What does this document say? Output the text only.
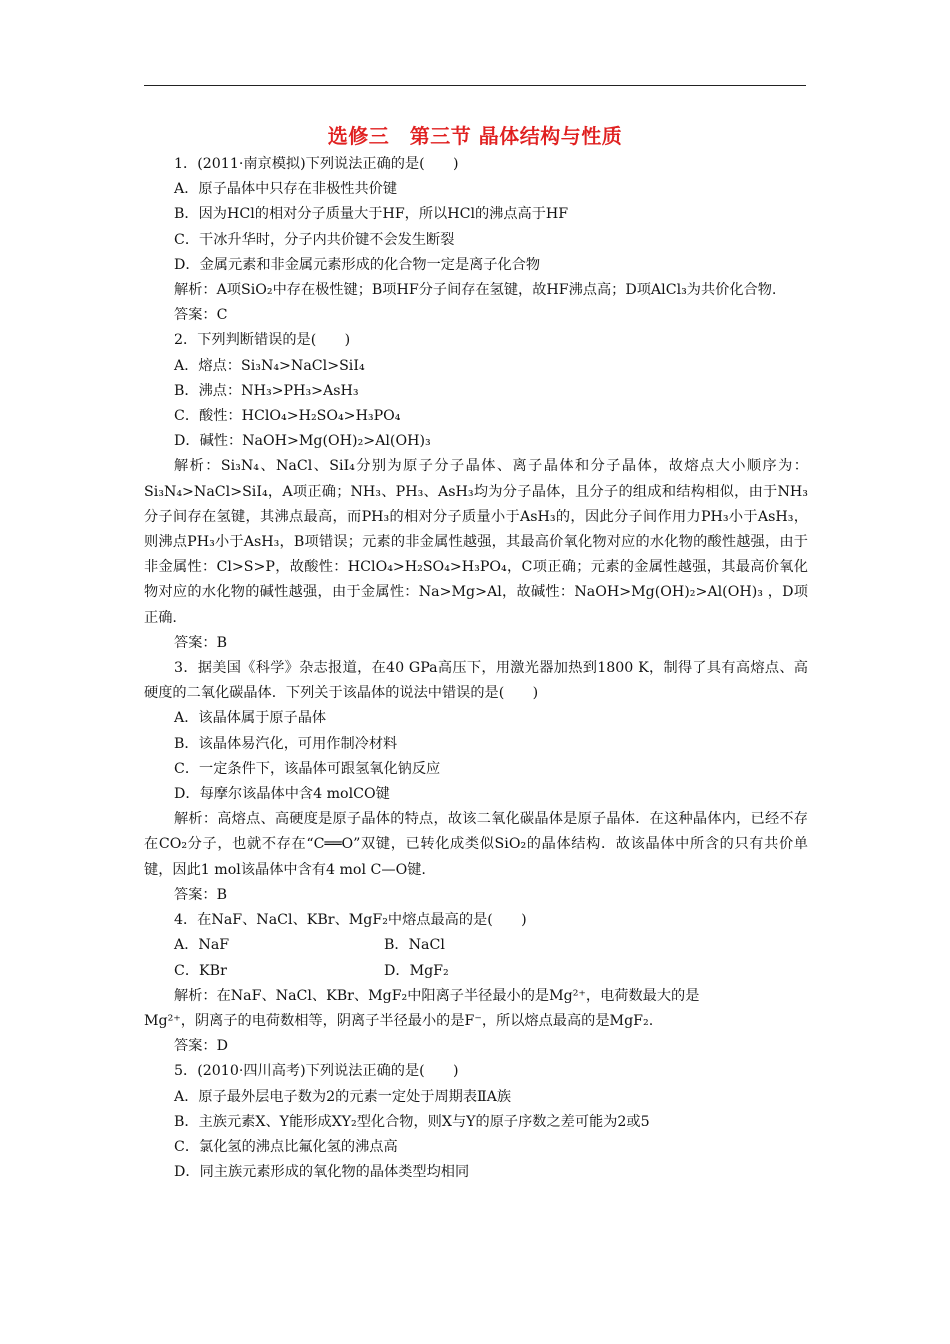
选修三　第三节 晶体结构与性质

1．(2011·南京模拟)下列说法正确的是(　　)

A．原子晶体中只存在非极性共价键

B．因为HCl的相对分子质量大于HF，所以HCl的沸点高于HF

C．干冰升华时，分子内共价键不会发生断裂

D．金属元素和非金属元素形成的化合物一定是离子化合物

解析：A项SiO₂中存在极性键；B项HF分子间存在氢键，故HF沸点高；D项AlCl₃为共价化合物.

答案：C

2．下列判断错误的是(　　)

A．熔点：Si₃N₄>NaCl>SiI₄

B．沸点：NH₃>PH₃>AsH₃

C．酸性：HClO₄>H₂SO₄>H₃PO₄

D．碱性：NaOH>Mg(OH)₂>Al(OH)₃

解析：Si₃N₄、NaCl、SiI₄分别为原子分子晶体、离子晶体和分子晶体，故熔点大小顺序为：Si₃N₄>NaCl>SiI₄，A项正确；NH₃、PH₃、AsH₃均为分子晶体，且分子的组成和结构相似，由于NH₃分子间存在氢键，其沸点最高，而PH₃的相对分子质量小于AsH₃的，因此分子间作用力PH₃小于AsH₃，则沸点PH₃小于AsH₃，B项错误；元素的非金属性越强，其最高价氧化物对应的水化物的酸性越强，由于非金属性：Cl>S>P，故酸性：HClO₄>H₂SO₄>H₃PO₄，C项正确；元素的金属性越强，其最高价氧化物对应的水化物的碱性越强，由于金属性：Na>Mg>Al，故碱性：NaOH>Mg(OH)₂>Al(OH)₃ ，D项正确.

答案：B

3．据美国《科学》杂志报道，在40 GPa高压下，用激光器加热到1800 K，制得了具有高熔点、高硬度的二氧化碳晶体．下列关于该晶体的说法中错误的是(　　)

A．该晶体属于原子晶体

B．该晶体易汽化，可用作制冷材料

C．一定条件下，该晶体可跟氢氧化钠反应

D．每摩尔该晶体中含4 molCO键

解析：高熔点、高硬度是原子晶体的特点，故该二氧化碳晶体是原子晶体．在这种晶体内，已经不存在CO₂分子，也就不存在“C══O”双键，已转化成类似SiO₂的晶体结构．故该晶体中所含的只有共价单键，因此1 mol该晶体中含有4 mol C—O键.

答案：B

4．在NaF、NaCl、KBr、MgF₂中熔点最高的是(　　)

A．NaF	B．NaCl
C．KBr	D．MgF₂

解析：在NaF、NaCl、KBr、MgF₂中阳离子半径最小的是Mg²⁺，电荷数最大的是

Mg²⁺，阴离子的电荷数相等，阴离子半径最小的是F⁻，所以熔点最高的是MgF₂.

答案：D

5．(2010·四川高考)下列说法正确的是(　　)

A．原子最外层电子数为2的元素一定处于周期表ⅡA族

B．主族元素X、Y能形成XY₂型化合物，则X与Y的原子序数之差可能为2或5

C．氯化氢的沸点比氟化氢的沸点高

D．同主族元素形成的氧化物的晶体类型均相同
